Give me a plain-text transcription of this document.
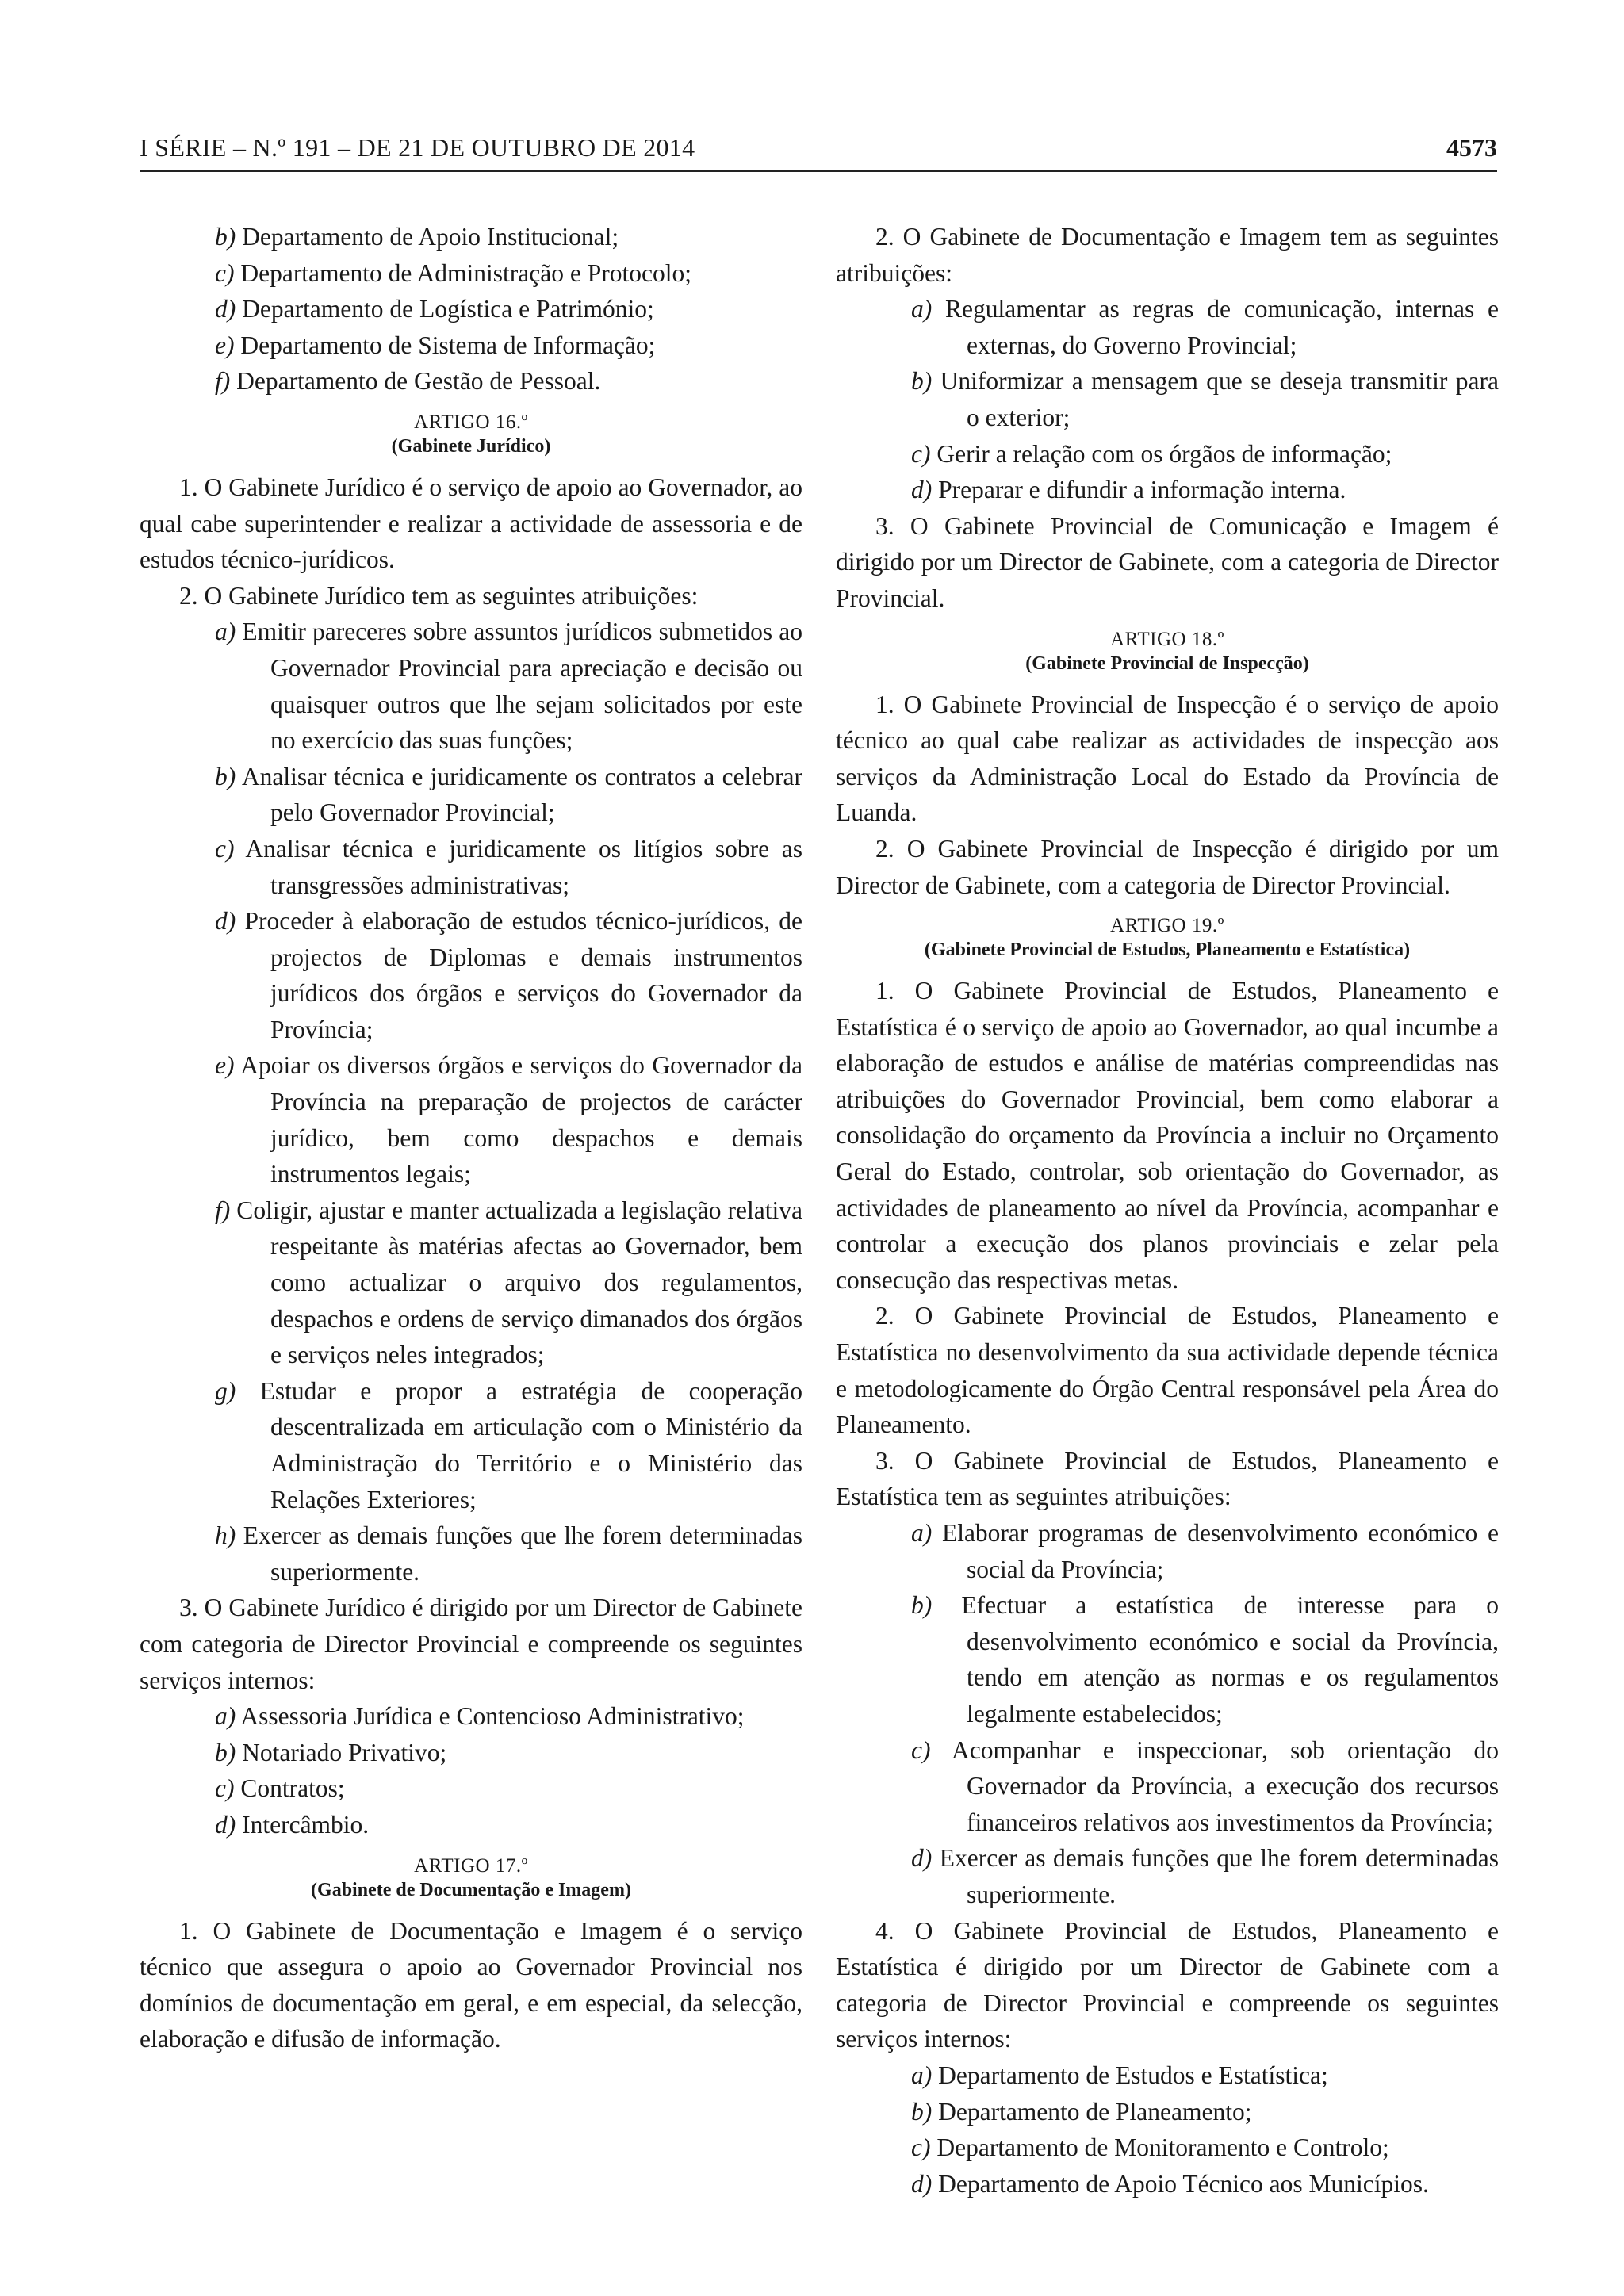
I SÉRIE – N.º 191 – DE 21 DE OUTUBRO DE 2014	4573

b) Departamento de Apoio Institucional;

c) Departamento de Administração e Protocolo;

d) Departamento de Logística e Património;

e) Departamento de Sistema de Informação;

f) Departamento de Gestão de Pessoal.

ARTIGO 16.º
(Gabinete Jurídico)

1. O Gabinete Jurídico é o serviço de apoio ao Governador, ao qual cabe superintender e realizar a actividade de assessoria e de estudos técnico-jurídicos.

2. O Gabinete Jurídico tem as seguintes atribuições:

a) Emitir pareceres sobre assuntos jurídicos submetidos ao Governador Provincial para apreciação e decisão ou quaisquer outros que lhe sejam solicitados por este no exercício das suas funções;

b) Analisar técnica e juridicamente os contratos a celebrar pelo Governador Provincial;

c) Analisar técnica e juridicamente os litígios sobre as transgressões administrativas;

d) Proceder à elaboração de estudos técnico-jurídicos, de projectos de Diplomas e demais instrumentos jurídicos dos órgãos e serviços do Governador da Província;

e) Apoiar os diversos órgãos e serviços do Governador da Província na preparação de projectos de carácter jurídico, bem como despachos e demais instrumentos legais;

f) Coligir, ajustar e manter actualizada a legislação relativa respeitante às matérias afectas ao Governador, bem como actualizar o arquivo dos regulamentos, despachos e ordens de serviço dimanados dos órgãos e serviços neles integrados;

g) Estudar e propor a estratégia de cooperação descentralizada em articulação com o Ministério da Administração do Território e o Ministério das Relações Exteriores;

h) Exercer as demais funções que lhe forem determinadas superiormente.

3. O Gabinete Jurídico é dirigido por um Director de Gabinete com categoria de Director Provincial e compreende os seguintes serviços internos:

a) Assessoria Jurídica e Contencioso Administrativo;

b) Notariado Privativo;

c) Contratos;

d) Intercâmbio.

ARTIGO 17.º
(Gabinete de Documentação e Imagem)

1. O Gabinete de Documentação e Imagem é o serviço técnico que assegura o apoio ao Governador Provincial nos domínios de documentação em geral, e em especial, da selecção, elaboração e difusão de informação.

2. O Gabinete de Documentação e Imagem tem as seguintes atribuições:

a) Regulamentar as regras de comunicação, internas e externas, do Governo Provincial;

b) Uniformizar a mensagem que se deseja transmitir para o exterior;

c) Gerir a relação com os órgãos de informação;

d) Preparar e difundir a informação interna.

3. O Gabinete Provincial de Comunicação e Imagem é dirigido por um Director de Gabinete, com a categoria de Director Provincial.

ARTIGO 18.º
(Gabinete Provincial de Inspecção)

1. O Gabinete Provincial de Inspecção é o serviço de apoio técnico ao qual cabe realizar as actividades de inspecção aos serviços da Administração Local do Estado da Província de Luanda.

2. O Gabinete Provincial de Inspecção é dirigido por um Director de Gabinete, com a categoria de Director Provincial.

ARTIGO 19.º
(Gabinete Provincial de Estudos, Planeamento e Estatística)

1. O Gabinete Provincial de Estudos, Planeamento e Estatística é o serviço de apoio ao Governador, ao qual incumbe a elaboração de estudos e análise de matérias compreendidas nas atribuições do Governador Provincial, bem como elaborar a consolidação do orçamento da Província a incluir no Orçamento Geral do Estado, controlar, sob orientação do Governador, as actividades de planeamento ao nível da Província, acompanhar e controlar a execução dos planos provinciais e zelar pela consecução das respectivas metas.

2. O Gabinete Provincial de Estudos, Planeamento e Estatística no desenvolvimento da sua actividade depende técnica e metodologicamente do Órgão Central responsável pela Área do Planeamento.

3. O Gabinete Provincial de Estudos, Planeamento e Estatística tem as seguintes atribuições:

a) Elaborar programas de desenvolvimento económico e social da Província;

b) Efectuar a estatística de interesse para o desenvolvimento económico e social da Província, tendo em atenção as normas e os regulamentos legalmente estabelecidos;

c) Acompanhar e inspeccionar, sob orientação do Governador da Província, a execução dos recursos financeiros relativos aos investimentos da Província;

d) Exercer as demais funções que lhe forem determinadas superiormente.

4. O Gabinete Provincial de Estudos, Planeamento e Estatística é dirigido por um Director de Gabinete com a categoria de Director Provincial e compreende os seguintes serviços internos:

a) Departamento de Estudos e Estatística;

b) Departamento de Planeamento;

c) Departamento de Monitoramento e Controlo;

d) Departamento de Apoio Técnico aos Municípios.
